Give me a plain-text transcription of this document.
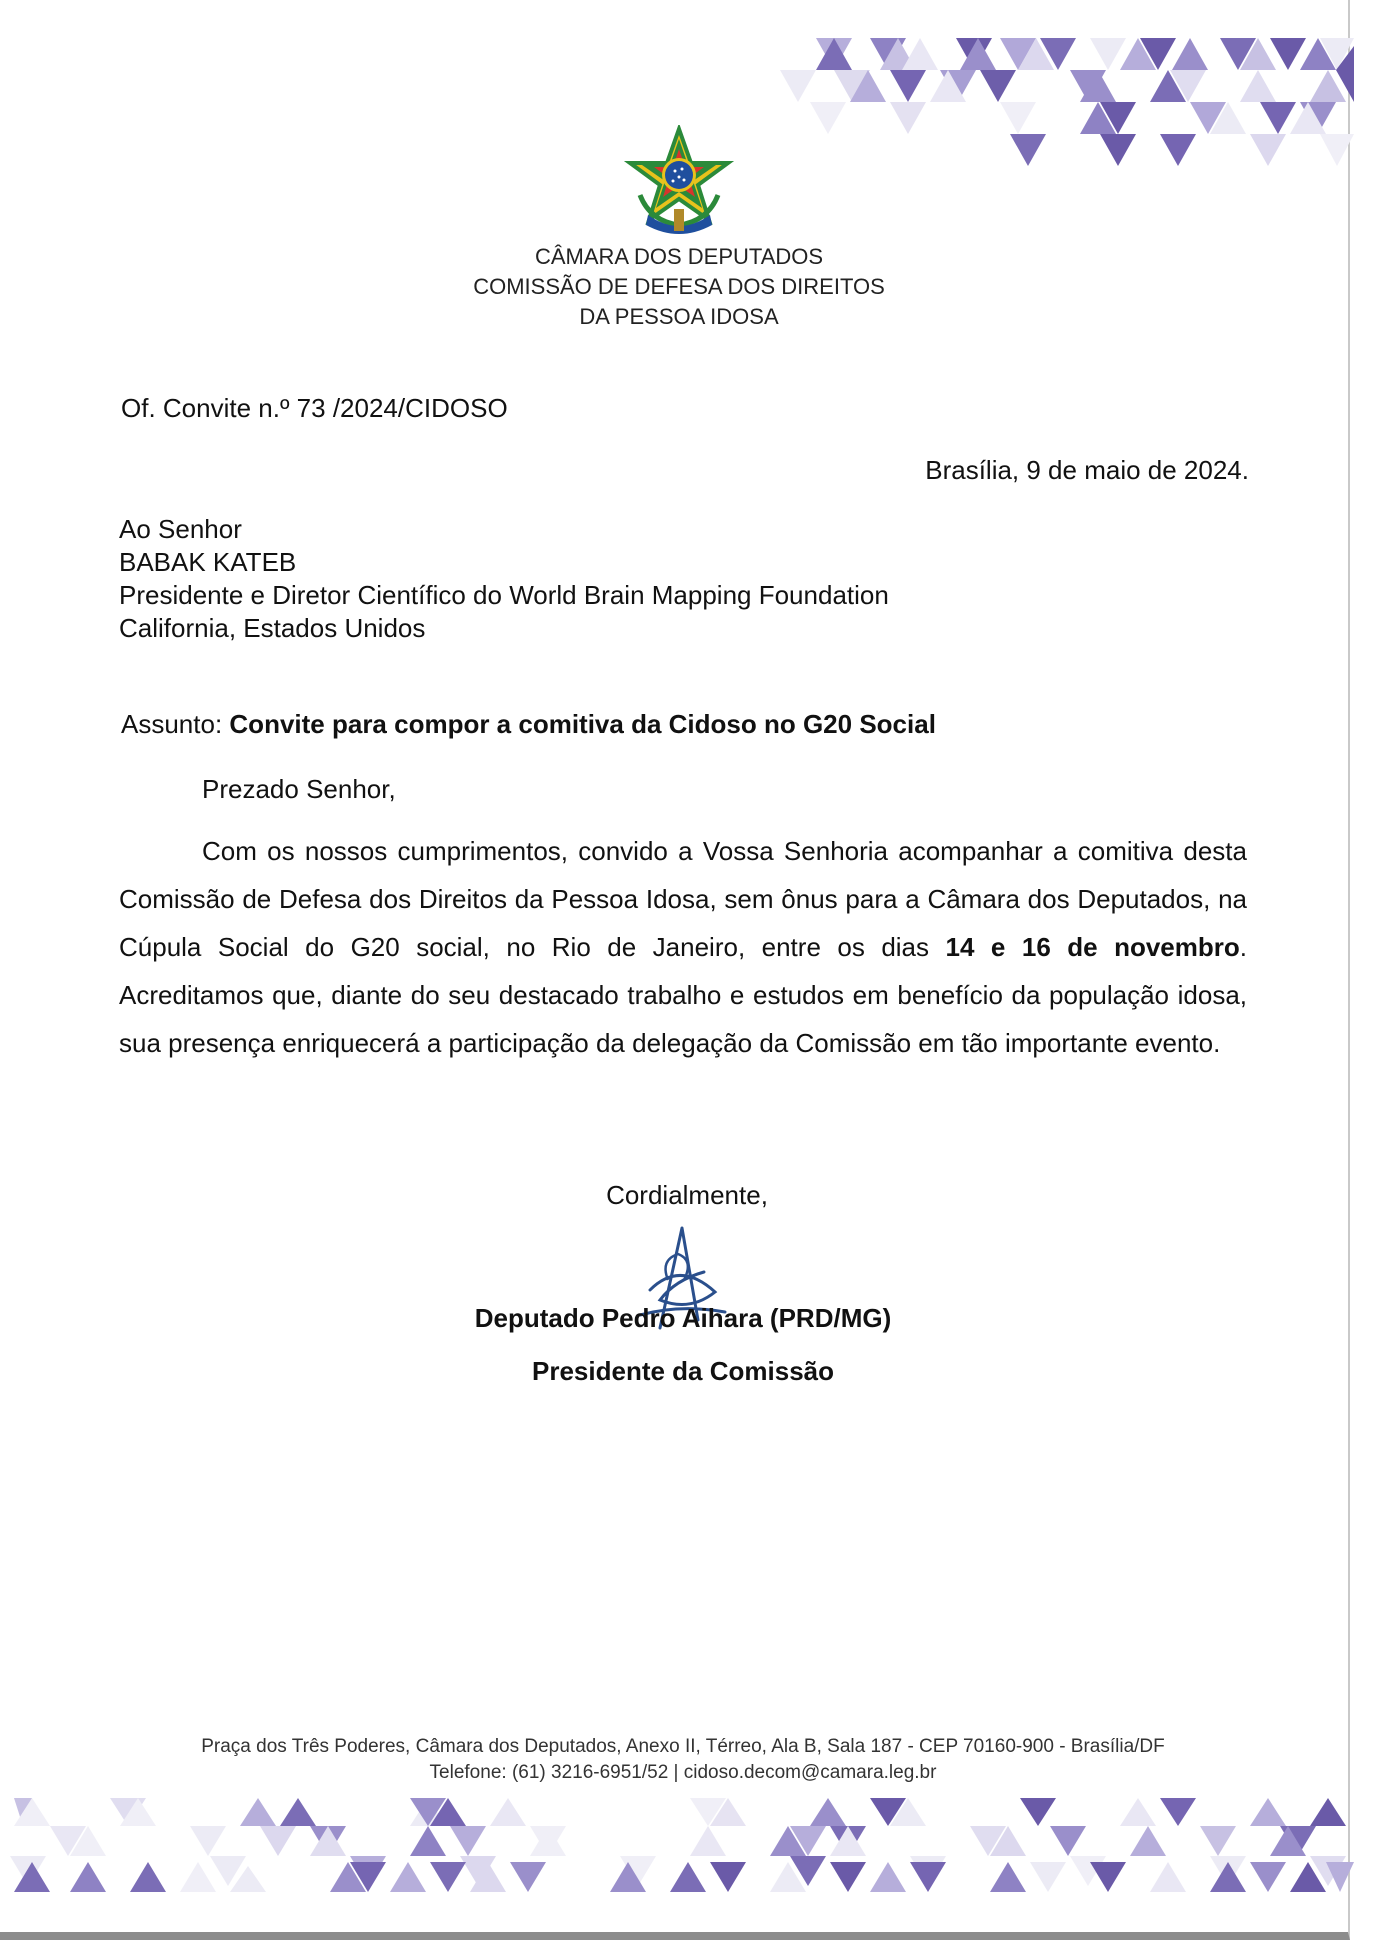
CÂMARA DOS DEPUTADOS
COMISSÃO DE DEFESA DOS DIREITOS
DA PESSOA IDOSA
Of. Convite n.º 73 /2024/CIDOSO
Brasília, 9 de maio de 2024.
Ao Senhor
BABAK KATEB
Presidente e Diretor Científico do World Brain Mapping Foundation
California, Estados Unidos
Assunto: Convite para compor a comitiva da Cidoso no G20 Social
Prezado Senhor,
Com os nossos cumprimentos, convido a Vossa Senhoria acompanhar a comitiva desta Comissão de Defesa dos Direitos da Pessoa Idosa, sem ônus para a Câmara dos Deputados, na Cúpula Social do G20 social, no Rio de Janeiro, entre os dias 14 e 16 de novembro. Acreditamos que, diante do seu destacado trabalho e estudos em benefício da população idosa, sua presença enriquecerá a participação da delegação da Comissão em tão importante evento.
Cordialmente,
Deputado Pedro Aihara (PRD/MG)
Presidente da Comissão
Praça dos Três Poderes, Câmara dos Deputados, Anexo II, Térreo, Ala B, Sala 187 - CEP 70160-900 - Brasília/DF
Telefone: (61) 3216-6951/52 | cidoso.decom@camara.leg.br
